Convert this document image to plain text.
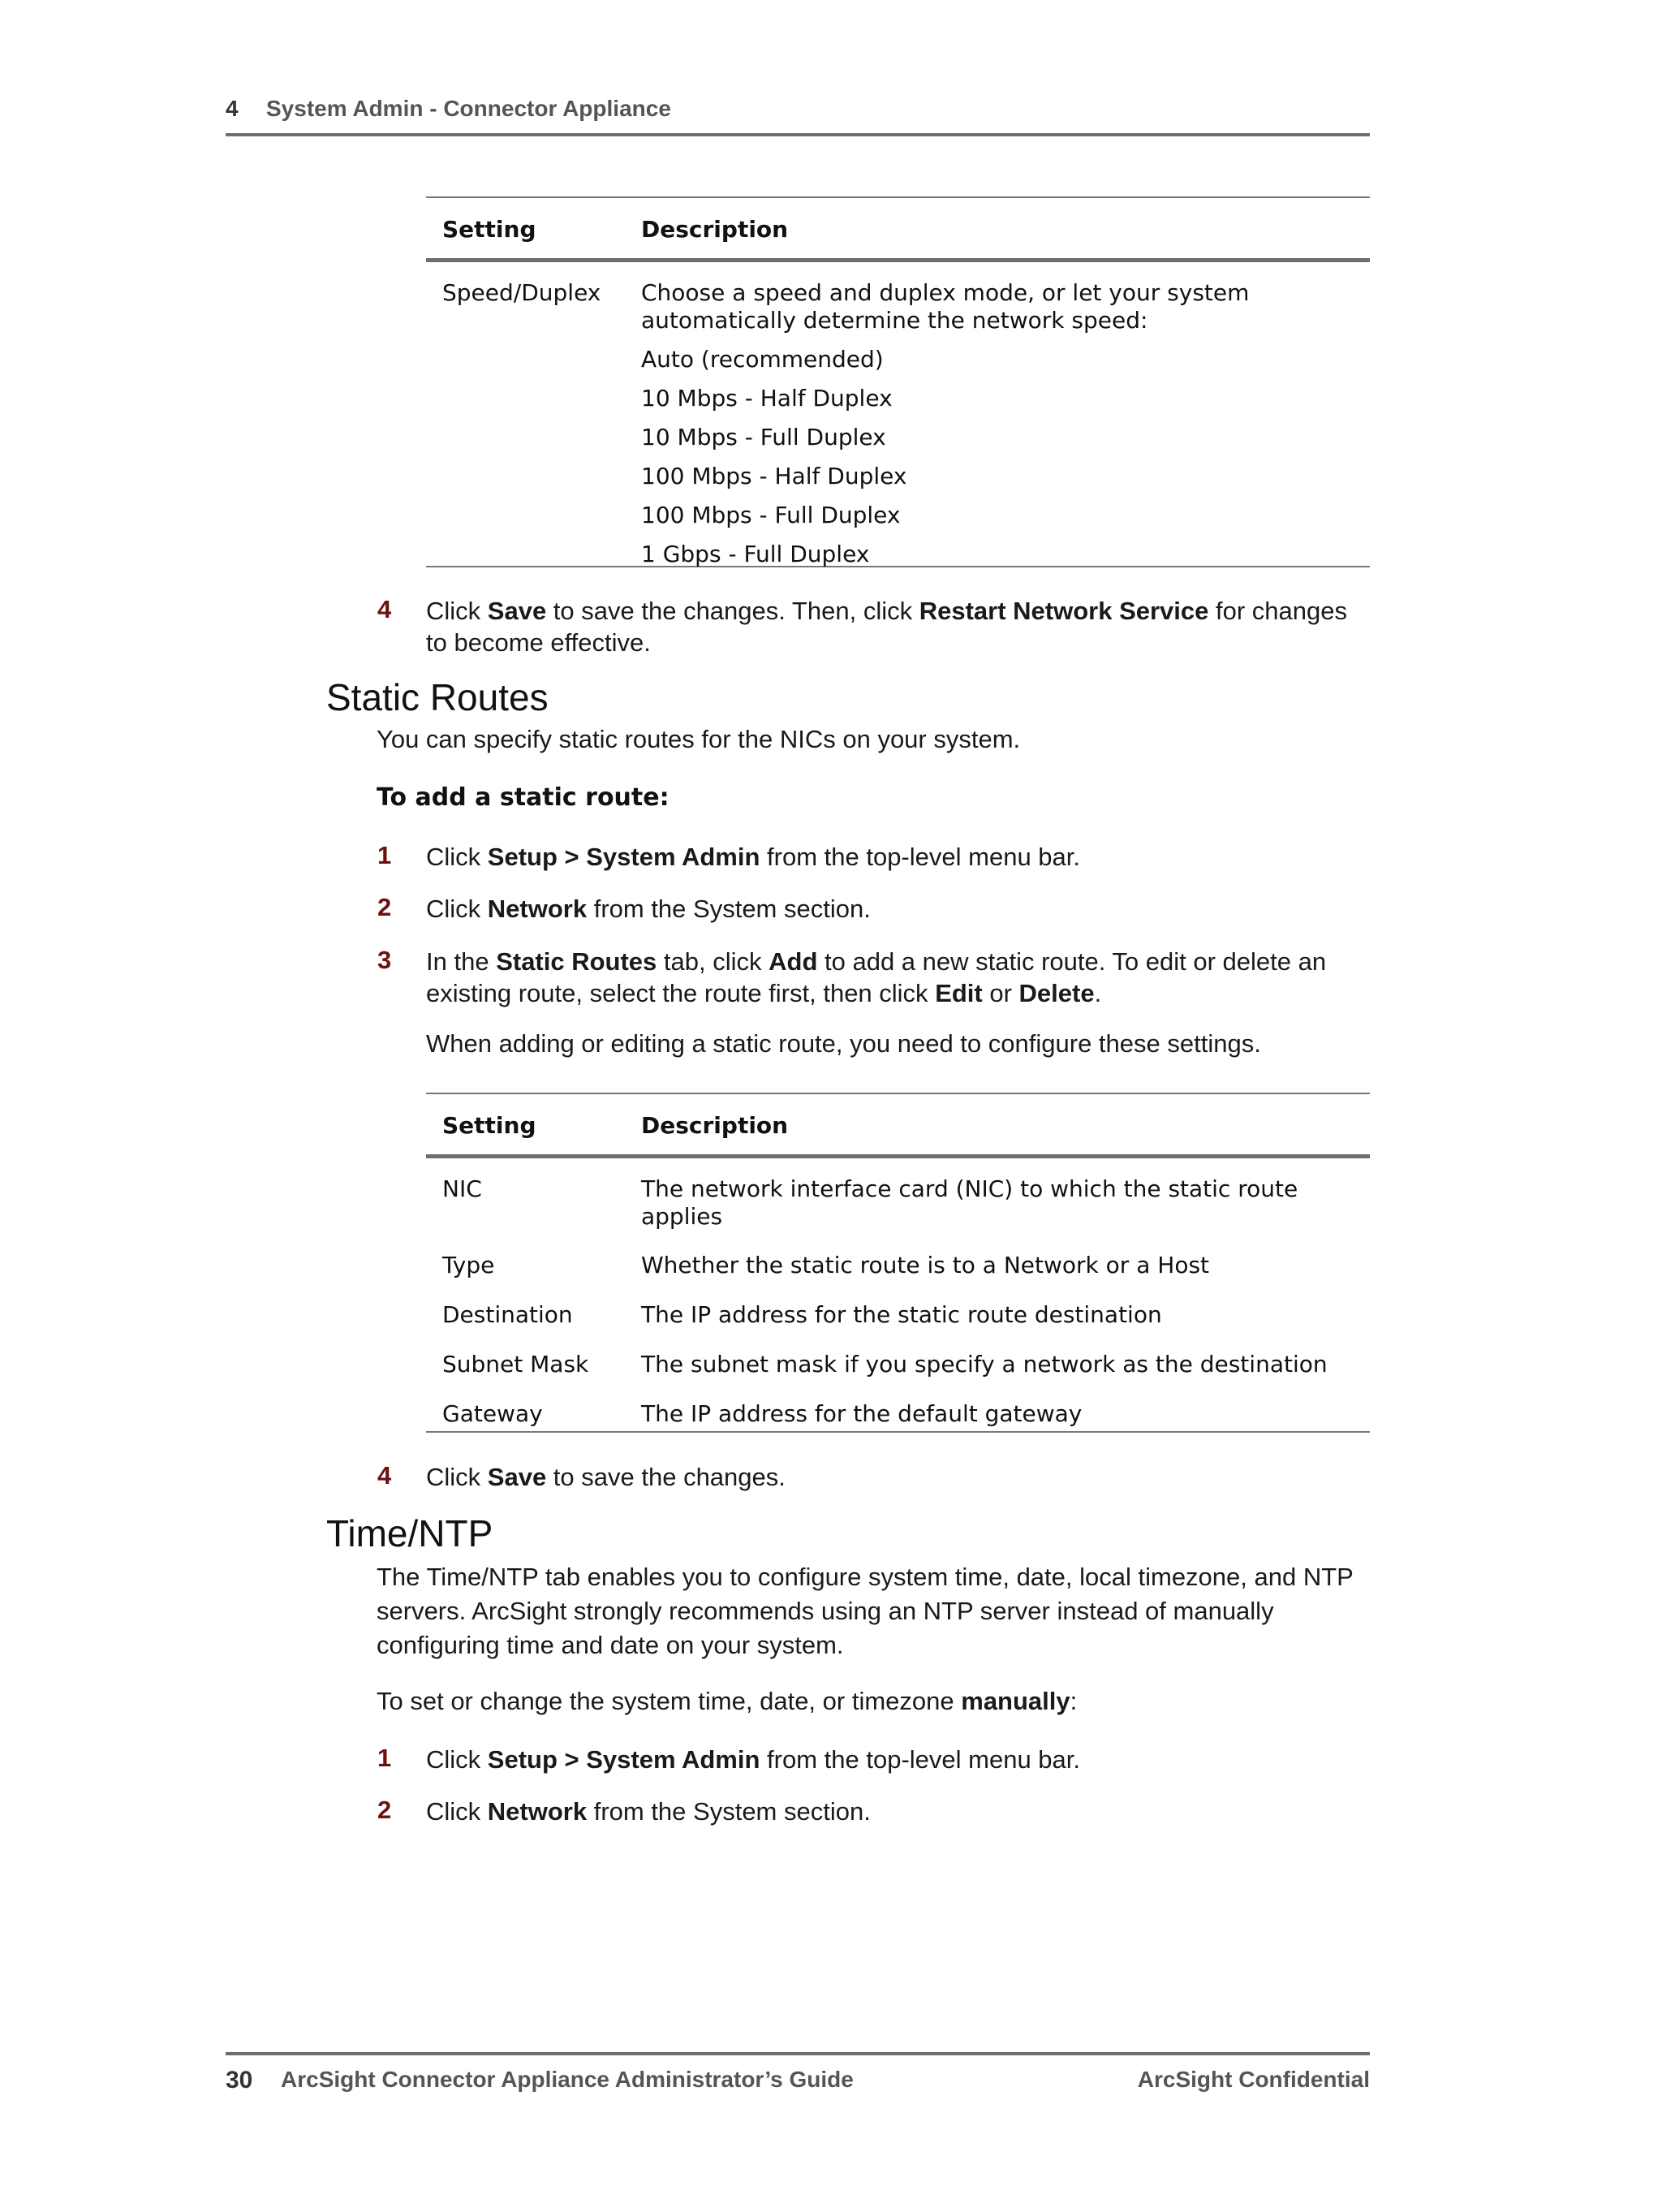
4 System Admin - Connector Appliance
Setting	Description
Speed/Duplex Choose a speed and duplex mode, or let your system
automatically determine the network speed:
Auto (recommended)
10 Mbps - Half Duplex
10 Mbps - Full Duplex
100 Mbps - Half Duplex
100 Mbps - Full Duplex
1 Gbps - Full Duplex
4 Click Save to save the changes. Then, click Restart Network Service for changes
to become effective.
Static Routes
You can specify static routes for the NICs on your system.
To add a static route:
1 Click Setup > System Admin from the top-level menu bar.
2 Click Network from the System section.
3 In the Static Routes tab, click Add to add a new static route. To edit or delete an
existing route, select the route first, then click Edit or Delete.
When adding or editing a static route, you need to configure these settings.
Setting	Description
NIC	The network interface card (NIC) to which the static route
applies
Type	Whether the static route is to a Network or a Host
Destination	The IP address for the static route destination
Subnet Mask The subnet mask if you specify a network as the destination
Gateway	The IP address for the default gateway
4 Click Save to save the changes.
Time/NTP
The Time/NTP tab enables you to configure system time, date, local timezone, and NTP
servers. ArcSight strongly recommends using an NTP server instead of manually
configuring time and date on your system.
To set or change the system time, date, or timezone manually:
1 Click Setup > System Admin from the top-level menu bar.
2 Click Network from the System section.
30 ArcSight Connector Appliance Administrator’s Guide	ArcSight Confidential
